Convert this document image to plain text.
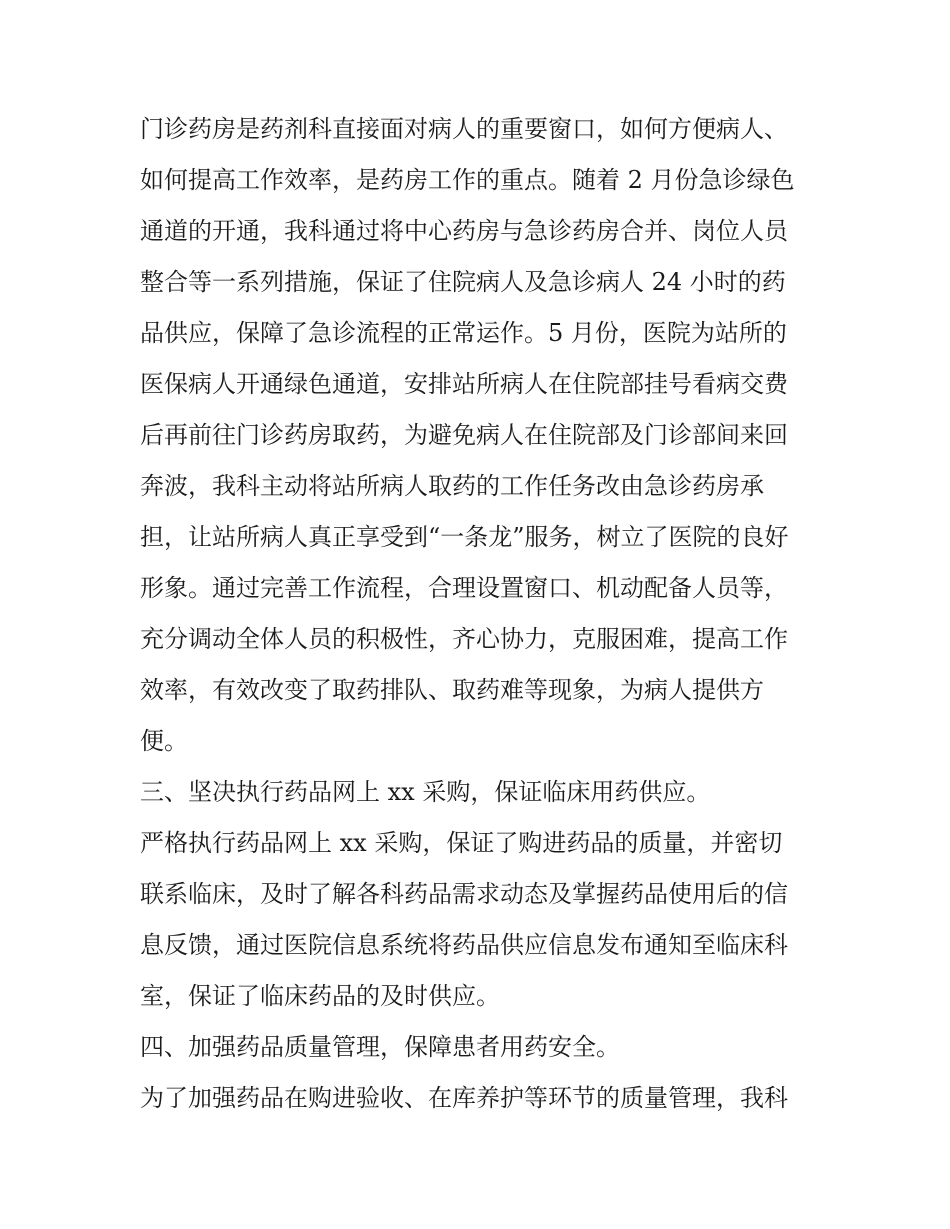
门诊药房是药剂科直接面对病人的重要窗口，如何方便病人、
如何提高工作效率，是药房工作的重点。随着 2 月份急诊绿色
通道的开通，我科通过将中心药房与急诊药房合并、岗位人员
整合等一系列措施，保证了住院病人及急诊病人 24 小时的药
品供应，保障了急诊流程的正常运作。5 月份，医院为站所的
医保病人开通绿色通道，安排站所病人在住院部挂号看病交费
后再前往门诊药房取药，为避免病人在住院部及门诊部间来回
奔波，我科主动将站所病人取药的工作任务改由急诊药房承
担，让站所病人真正享受到“一条龙”服务，树立了医院的良好
形象。通过完善工作流程，合理设置窗口、机动配备人员等，
充分调动全体人员的积极性，齐心协力，克服困难，提高工作
效率，有效改变了取药排队、取药难等现象，为病人提供方
便。

三、坚决执行药品网上 xx 采购，保证临床用药供应。

严格执行药品网上 xx 采购，保证了购进药品的质量，并密切
联系临床，及时了解各科药品需求动态及掌握药品使用后的信
息反馈，通过医院信息系统将药品供应信息发布通知至临床科
室，保证了临床药品的及时供应。

四、加强药品质量管理，保障患者用药安全。

为了加强药品在购进验收、在库养护等环节的质量管理，我科
